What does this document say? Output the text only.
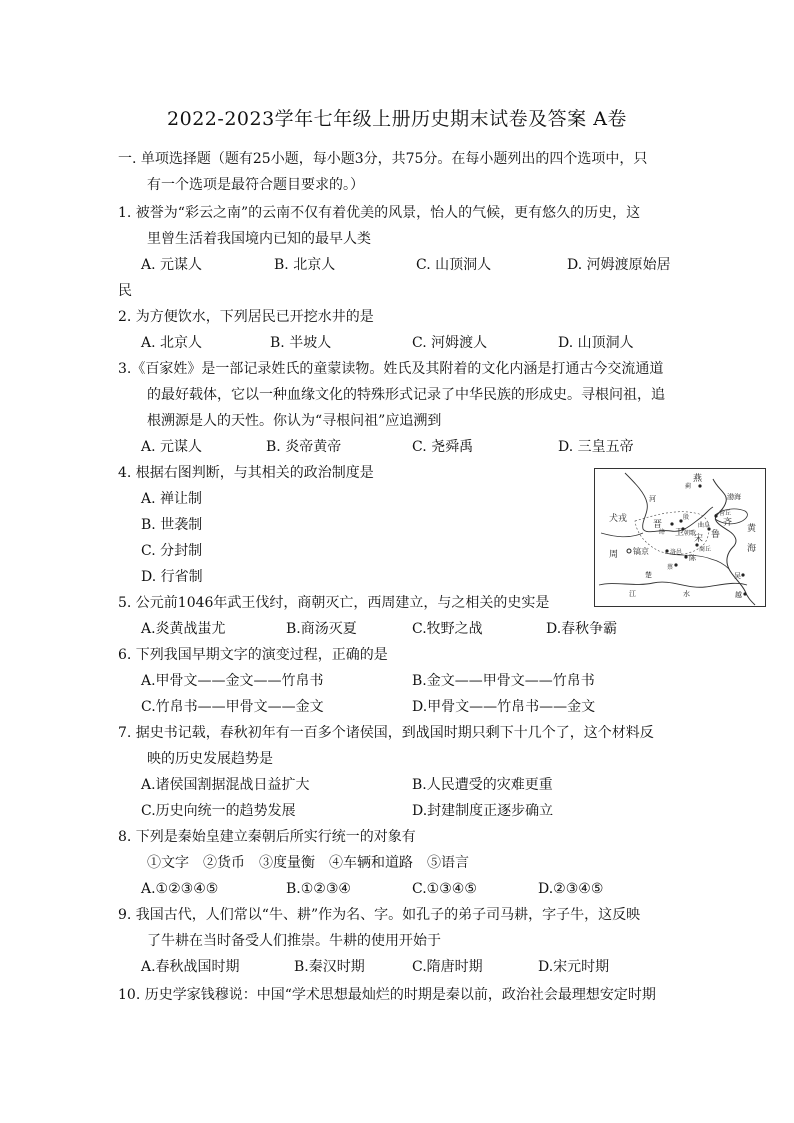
2022-2023学年七年级上册历史期末试卷及答案 A卷
一. 单项选择题（题有25小题，每小题3分，共75分。在每小题列出的四个选项中，只
有一个选项是最符合题目要求的。）
1. 被誉为“彩云之南”的云南不仅有着优美的风景，怡人的气候，更有悠久的历史，这
里曾生活着我国境内已知的最早人类
A. 元谋人	B. 北京人	C. 山顶洞人	D. 河姆渡原始居
民
2. 为方便饮水，下列居民已开挖水井的是
A. 北京人	B. 半坡人	C. 河姆渡人	D. 山顶洞人
3.《百家姓》是一部记录姓氏的童蒙读物。姓氏及其附着的文化内涵是打通古今交流通道
的最好载体，它以一种血缘文化的特殊形式记录了中华民族的形成史。寻根问祖，追
根溯源是人的天性。你认为“寻根问祖”应追溯到
A. 元谋人	B. 炎帝黄帝	C. 尧舜禹	D. 三皇五帝
4. 根据右图判断，与其相关的政治制度是
A. 禅让制
B. 世袭制
C. 分封制
D. 行省制
燕
蓟
渤海
河
犬戎
晋
绛
殷
卫 朝歌
营丘
曲阜 齐
鲁
黄
海
宋
商丘
周 镐京	洛邑
陈
蔡
楚
江	水
吴
越
5. 公元前1046年武王伐纣，商朝灭亡，西周建立，与之相关的史实是
A.炎黄战蚩尤	B.商汤灭夏	C.牧野之战	D.春秋争霸
6. 下列我国早期文字的演变过程，正确的是
A.甲骨文——金文——竹帛书	B.金文——甲骨文——竹帛书
C.竹帛书——甲骨文——金文	D.甲骨文——竹帛书——金文
7. 据史书记载，春秋初年有一百多个诸侯国，到战国时期只剩下十几个了，这个材料反
映的历史发展趋势是
A.诸侯国割据混战日益扩大	B.人民遭受的灾难更重
C.历史向统一的趋势发展	D.封建制度正逐步确立
8. 下列是秦始皇建立秦朝后所实行统一的对象有
①文字　②货币　③度量衡　④车辆和道路　⑤语言
A.①②③④⑤	B.①②③④	C.①③④⑤	D.②③④⑤
9. 我国古代，人们常以“牛、耕”作为名、字。如孔子的弟子司马耕，字子牛，这反映
了牛耕在当时备受人们推崇。牛耕的使用开始于
A.春秋战国时期	B.秦汉时期	C.隋唐时期	D.宋元时期
10. 历史学家钱穆说：中国“学术思想最灿烂的时期是秦以前，政治社会最理想安定时期
